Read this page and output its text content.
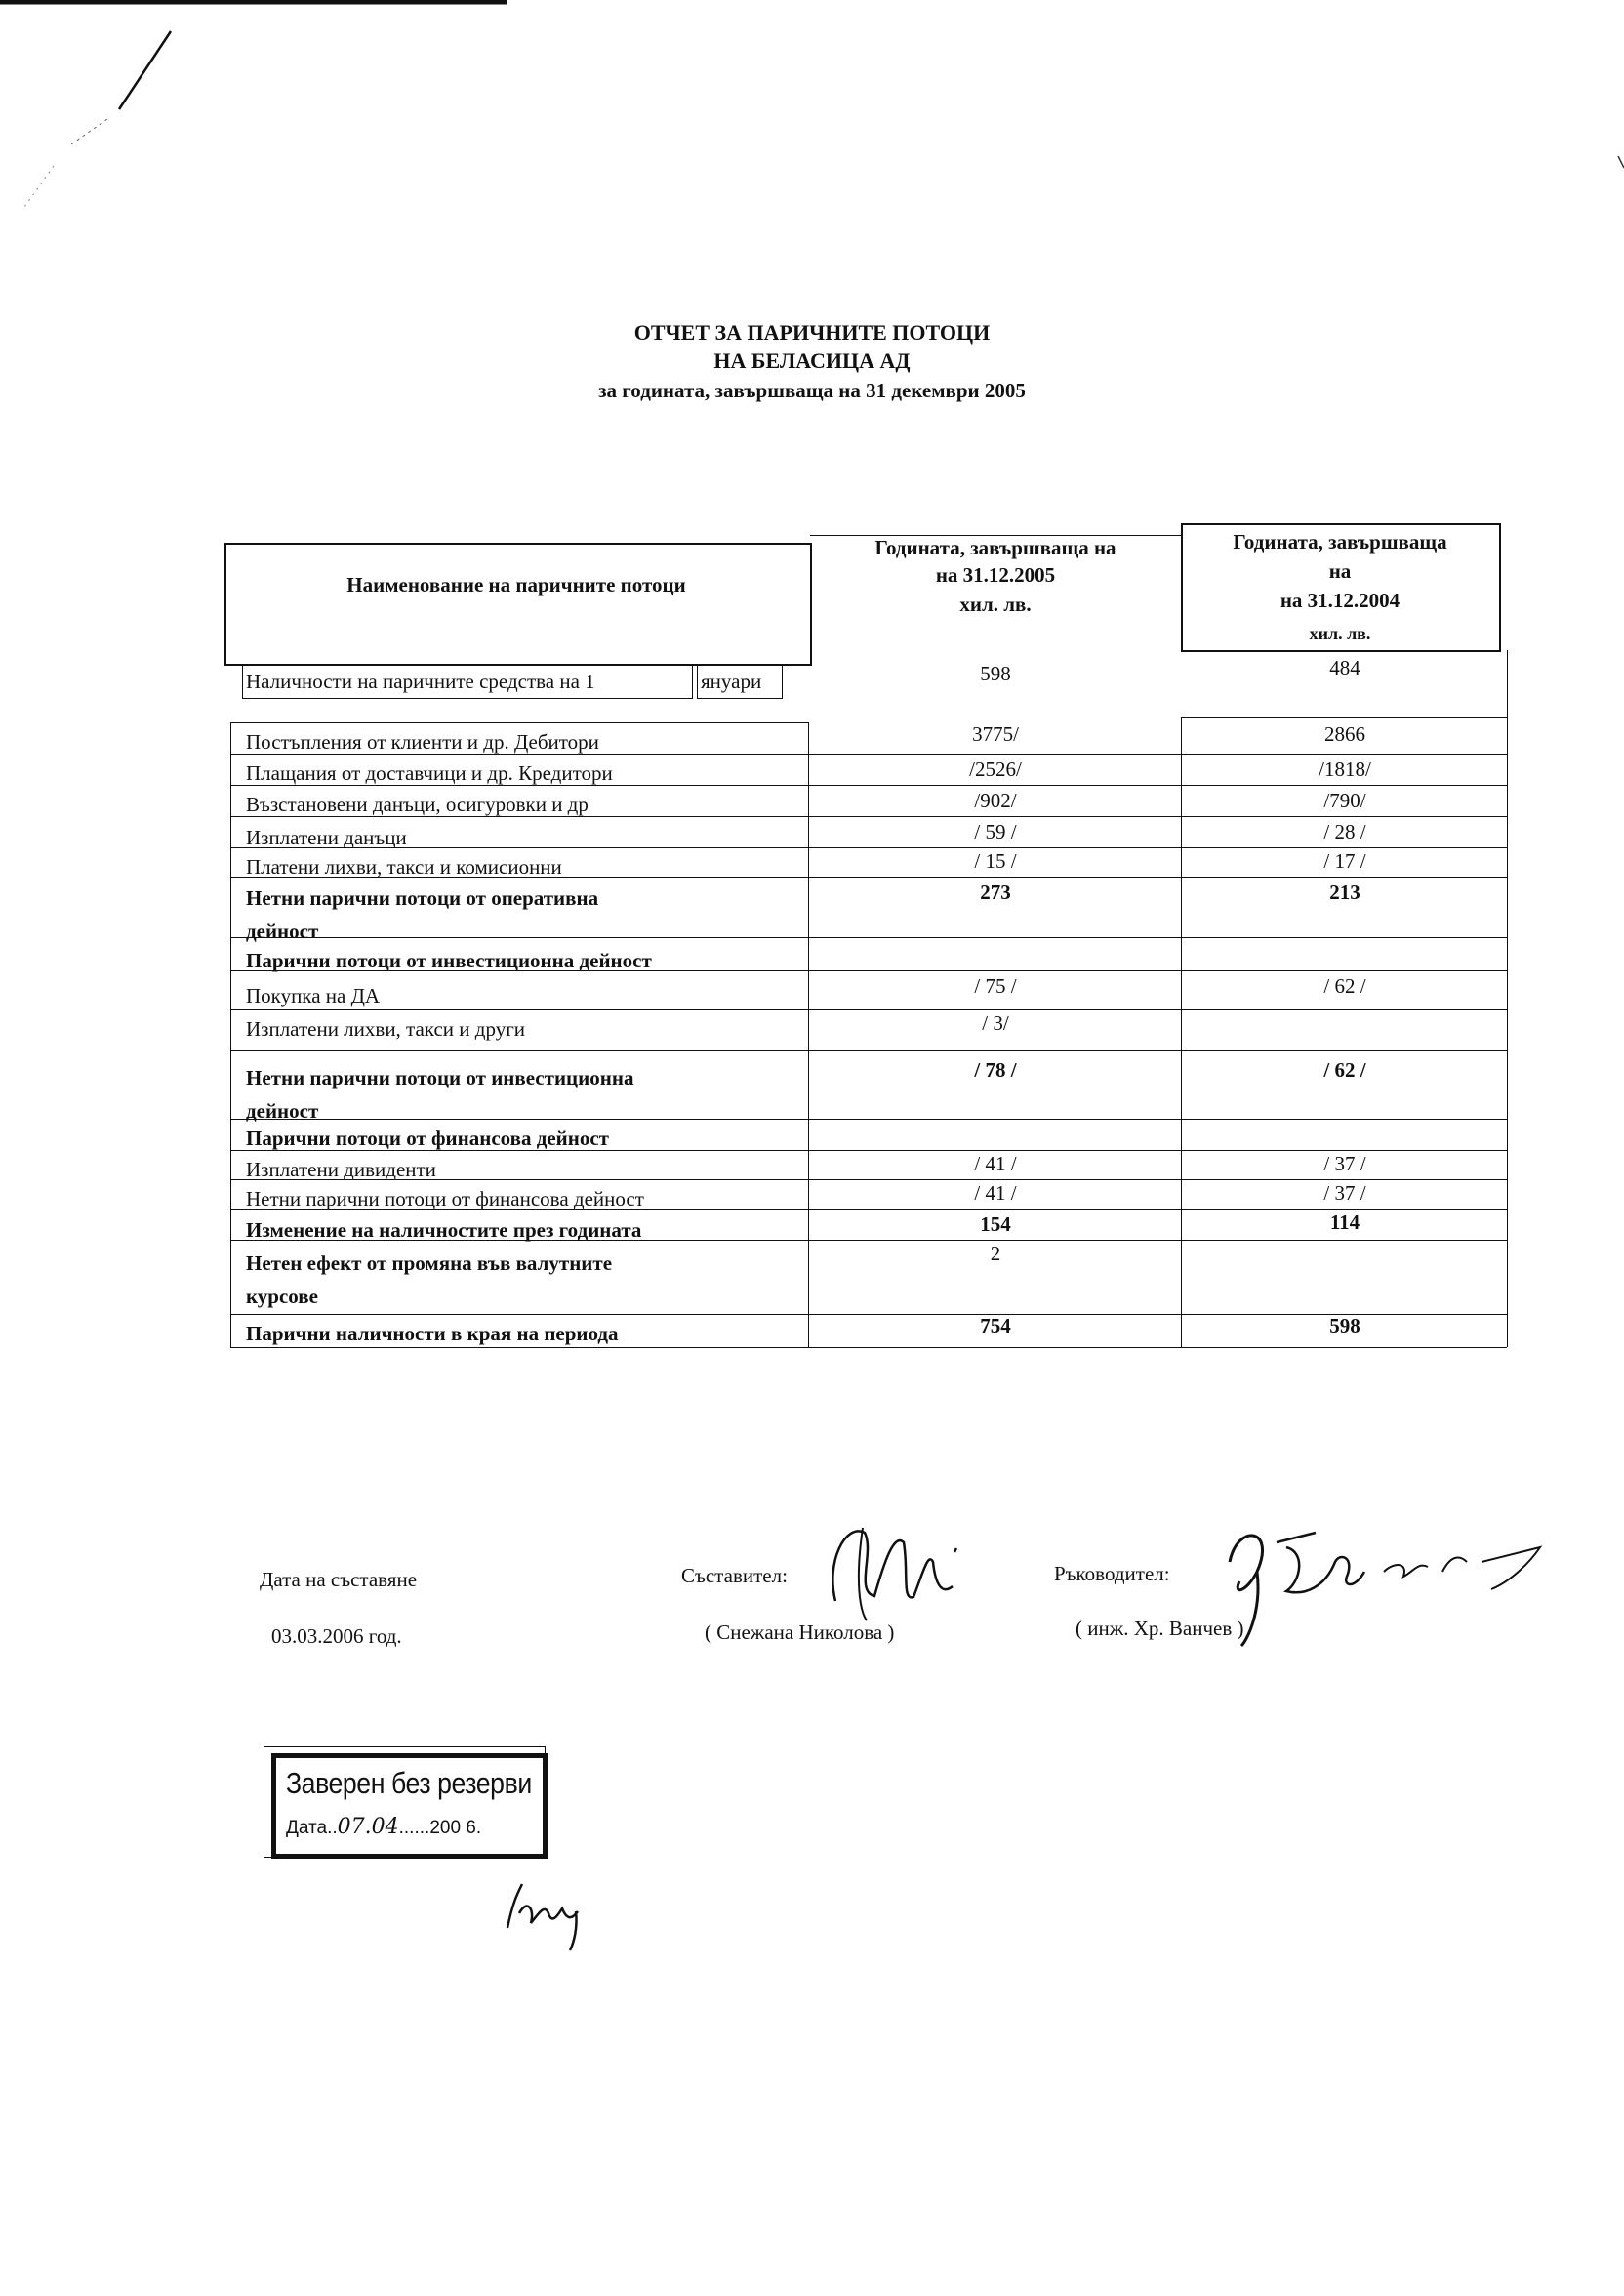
ОТЧЕТ ЗА ПАРИЧНИТЕ ПОТОЦИ
НА БЕЛАСИЦА АД
за годината, завършваща на 31 декември 2005
Наименование на паричните потоци
Годината, завършваща на
на 31.12.2005
хил. лв.
Годината, завършваща
на
на 31.12.2004
хил. лв.
Наличности на паричните средства на 1	януари	598	484
Постъпления от клиенти и др. Дебитори	3775/	2866
Плащания от доставчици и др. Кредитори	/2526/	/1818/
Възстановени данъци, осигуровки и др	/902/	/790/
Изплатени данъци	/ 59 /	/ 28 /
Платени лихви, такси и комисионни	/ 15 /	/ 17 /
Нетни парични потоци от оперативна
дейност
273	213
Парични потоци от инвестиционна дейност
Покупка на ДА	/ 75 /	/ 62 /
Изплатени лихви, такси и други	/ 3/
Нетни парични потоци от инвестиционна
дейност
/ 78 /	/ 62 /
Парични потоци от финансова дейност
Изплатени дивиденти	/ 41 /	/ 37 /
Нетни парични потоци от финансова дейност	/ 41 /	/ 37 /
Изменение на наличностите през годината	154	114
Нетен ефект от промяна във валутните
курсове
2
Парични наличности в края на периода	754	598
Дата на съставяне
03.03.2006 год.
Съставител:
( Снежана Николова )
Ръководител:
( инж. Хр. Ванчев )
Заверен без резерви
Дата..07.04......200 6.
